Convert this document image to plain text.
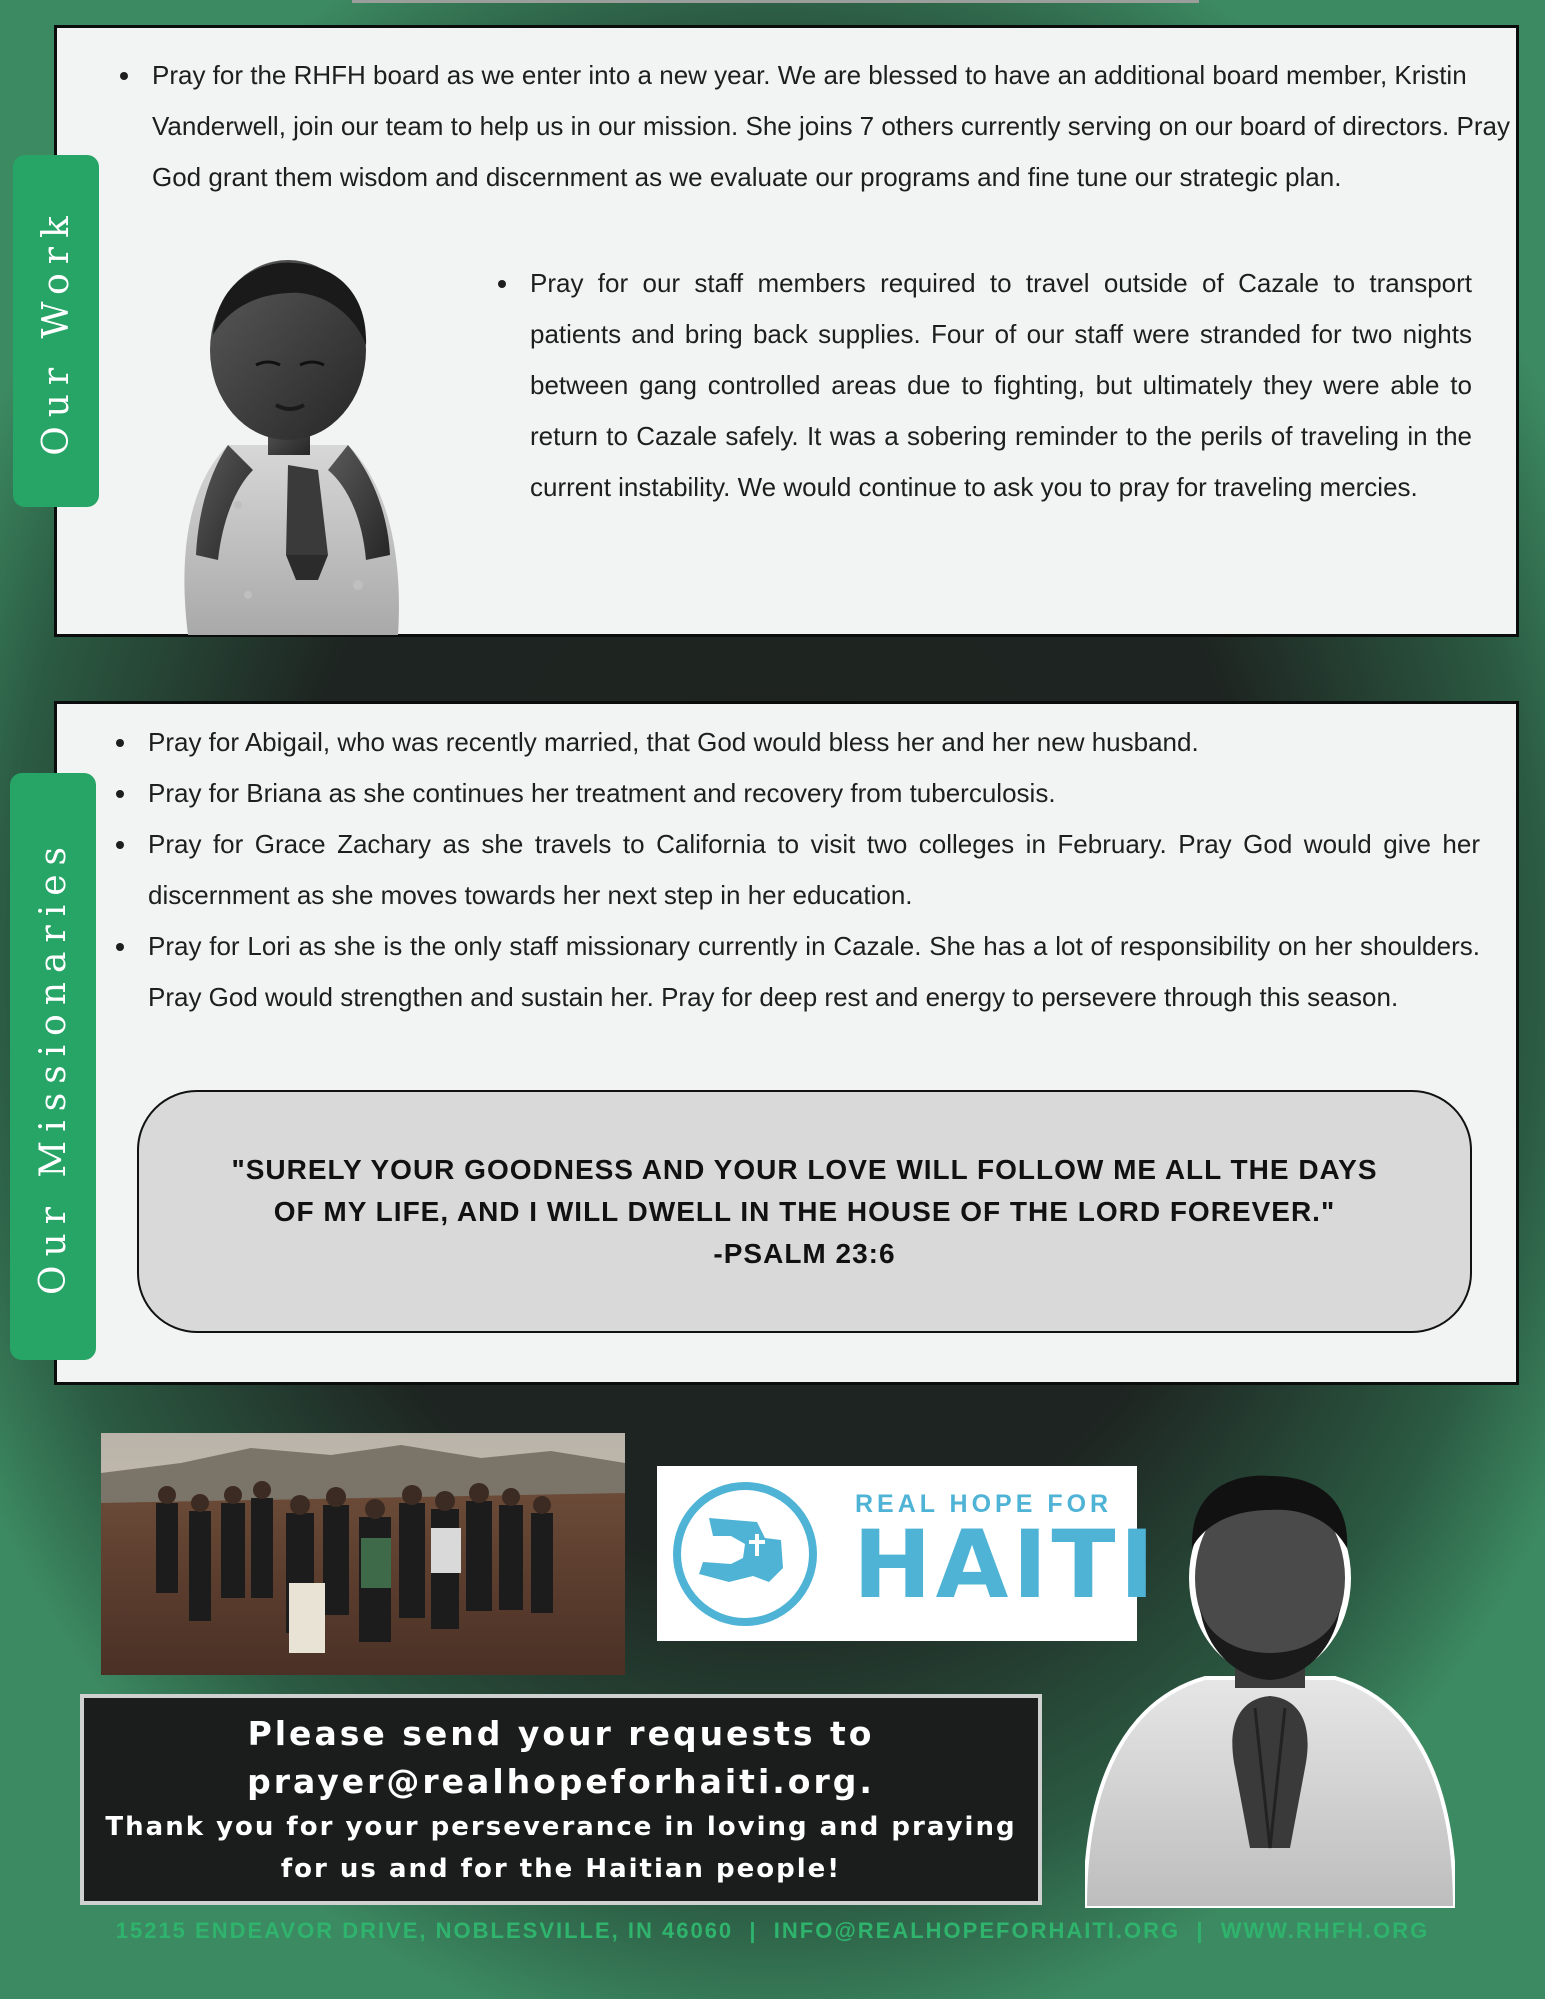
Our Work
Pray for the RHFH board as we enter into a new year. We are blessed to have an additional board member, Kristin Vanderwell, join our team to help us in our mission. She joins 7 others currently serving on our board of directors. Pray God grant them wisdom and discernment as we evaluate our programs and fine tune our strategic plan.
Pray for our staff members required to travel outside of Cazale to transport patients and bring back supplies. Four of our staff were stranded for two nights between gang controlled areas due to fighting, but ultimately they were able to return to Cazale safely. It was a sobering reminder to the perils of traveling in the current instability. We would continue to ask you to pray for traveling mercies.
Our Missionaries
Pray for Abigail, who was recently married, that God would bless her and her new husband.
Pray for Briana as she continues her treatment and recovery from tuberculosis.
Pray for Grace Zachary as she travels to California to visit two colleges in February. Pray God would give her discernment as she moves towards her next step in her education.
Pray for Lori as she is the only staff missionary currently in Cazale. She has a lot of responsibility on her shoulders. Pray God would strengthen and sustain her. Pray for deep rest and energy to persevere through this season.
"SURELY YOUR GOODNESS AND YOUR LOVE WILL FOLLOW ME ALL THE DAYS
OF MY LIFE, AND I WILL DWELL IN THE HOUSE OF THE LORD FOREVER."
-PSALM 23:6
REAL HOPE FOR
HAITI
Please send your requests to
prayer@realhopeforhaiti.org.
Thank you for your perseverance in loving and praying
for us and for the Haitian people!
15215 ENDEAVOR DRIVE, NOBLESVILLE, IN 46060  |  INFO@REALHOPEFORHAITI.ORG  |  WWW.RHFH.ORG
